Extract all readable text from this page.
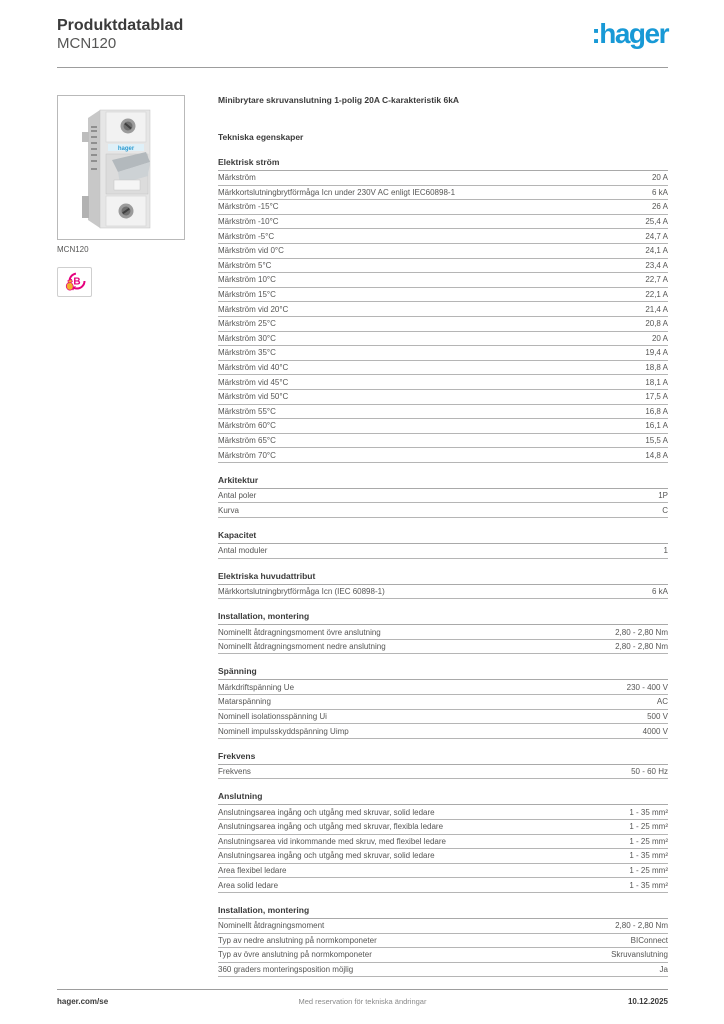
Produktdatablad
MCN120	:hager
hager
MCN120
B
Minibrytare skruvanslutning 1-polig 20A C-karakteristik 6kA
Tekniska egenskaper
Elektrisk ström
Märkström	20 A
Märkkortslutningbrytförmåga Icn under 230V AC enligt IEC60898-1	6 kA
Märkström -15°C	26 A
Märkström -10°C	25,4 A
Märkström -5°C	24,7 A
Märkström vid 0°C	24,1 A
Märkström 5°C	23,4 A
Märkström 10°C	22,7 A
Märkström 15°C	22,1 A
Märkström vid 20°C	21,4 A
Märkström 25°C	20,8 A
Märkström 30°C	20 A
Märkström 35°C	19,4 A
Märkström vid 40°C	18,8 A
Märkström vid 45°C	18,1 A
Märkström vid 50°C	17,5 A
Märkström 55°C	16,8 A
Märkström 60°C	16,1 A
Märkström 65°C	15,5 A
Märkström 70°C	14,8 A
Arkitektur
Antal poler	1P
Kurva	C
Kapacitet
Antal moduler	1
Elektriska huvudattribut
Märkkortslutningbrytförmåga Icn (IEC 60898-1)	6 kA
Installation, montering
Nominellt åtdragningsmoment övre anslutning	2,80 - 2,80 Nm
Nominellt åtdragningsmoment nedre anslutning	2,80 - 2,80 Nm
Spänning
Märkdriftspänning Ue	230 - 400 V
Matarspänning	AC
Nominell isolationsspänning Ui	500 V
Nominell impulsskyddspänning Uimp	4000 V
Frekvens
Frekvens	50 - 60 Hz
Anslutning
Anslutningsarea ingång och utgång med skruvar, solid ledare	1 - 35 mm²
Anslutningsarea ingång och utgång med skruvar, flexibla ledare	1 - 25 mm²
Anslutningsarea vid inkommande med skruv, med flexibel ledare	1 - 25 mm²
Anslutningsarea ingång och utgång med skruvar, solid ledare	1 - 35 mm²
Area flexibel ledare	1 - 25 mm²
Area solid ledare	1 - 35 mm²
Installation, montering
Nominellt åtdragningsmoment	2,80 - 2,80 Nm
Typ av nedre anslutning på normkomponeter	BIConnect
Typ av övre anslutning på normkomponeter	Skruvanslutning
360 graders monteringsposition möjlig	Ja
hager.com/se	Med reservation för tekniska ändringar	10.12.2025
